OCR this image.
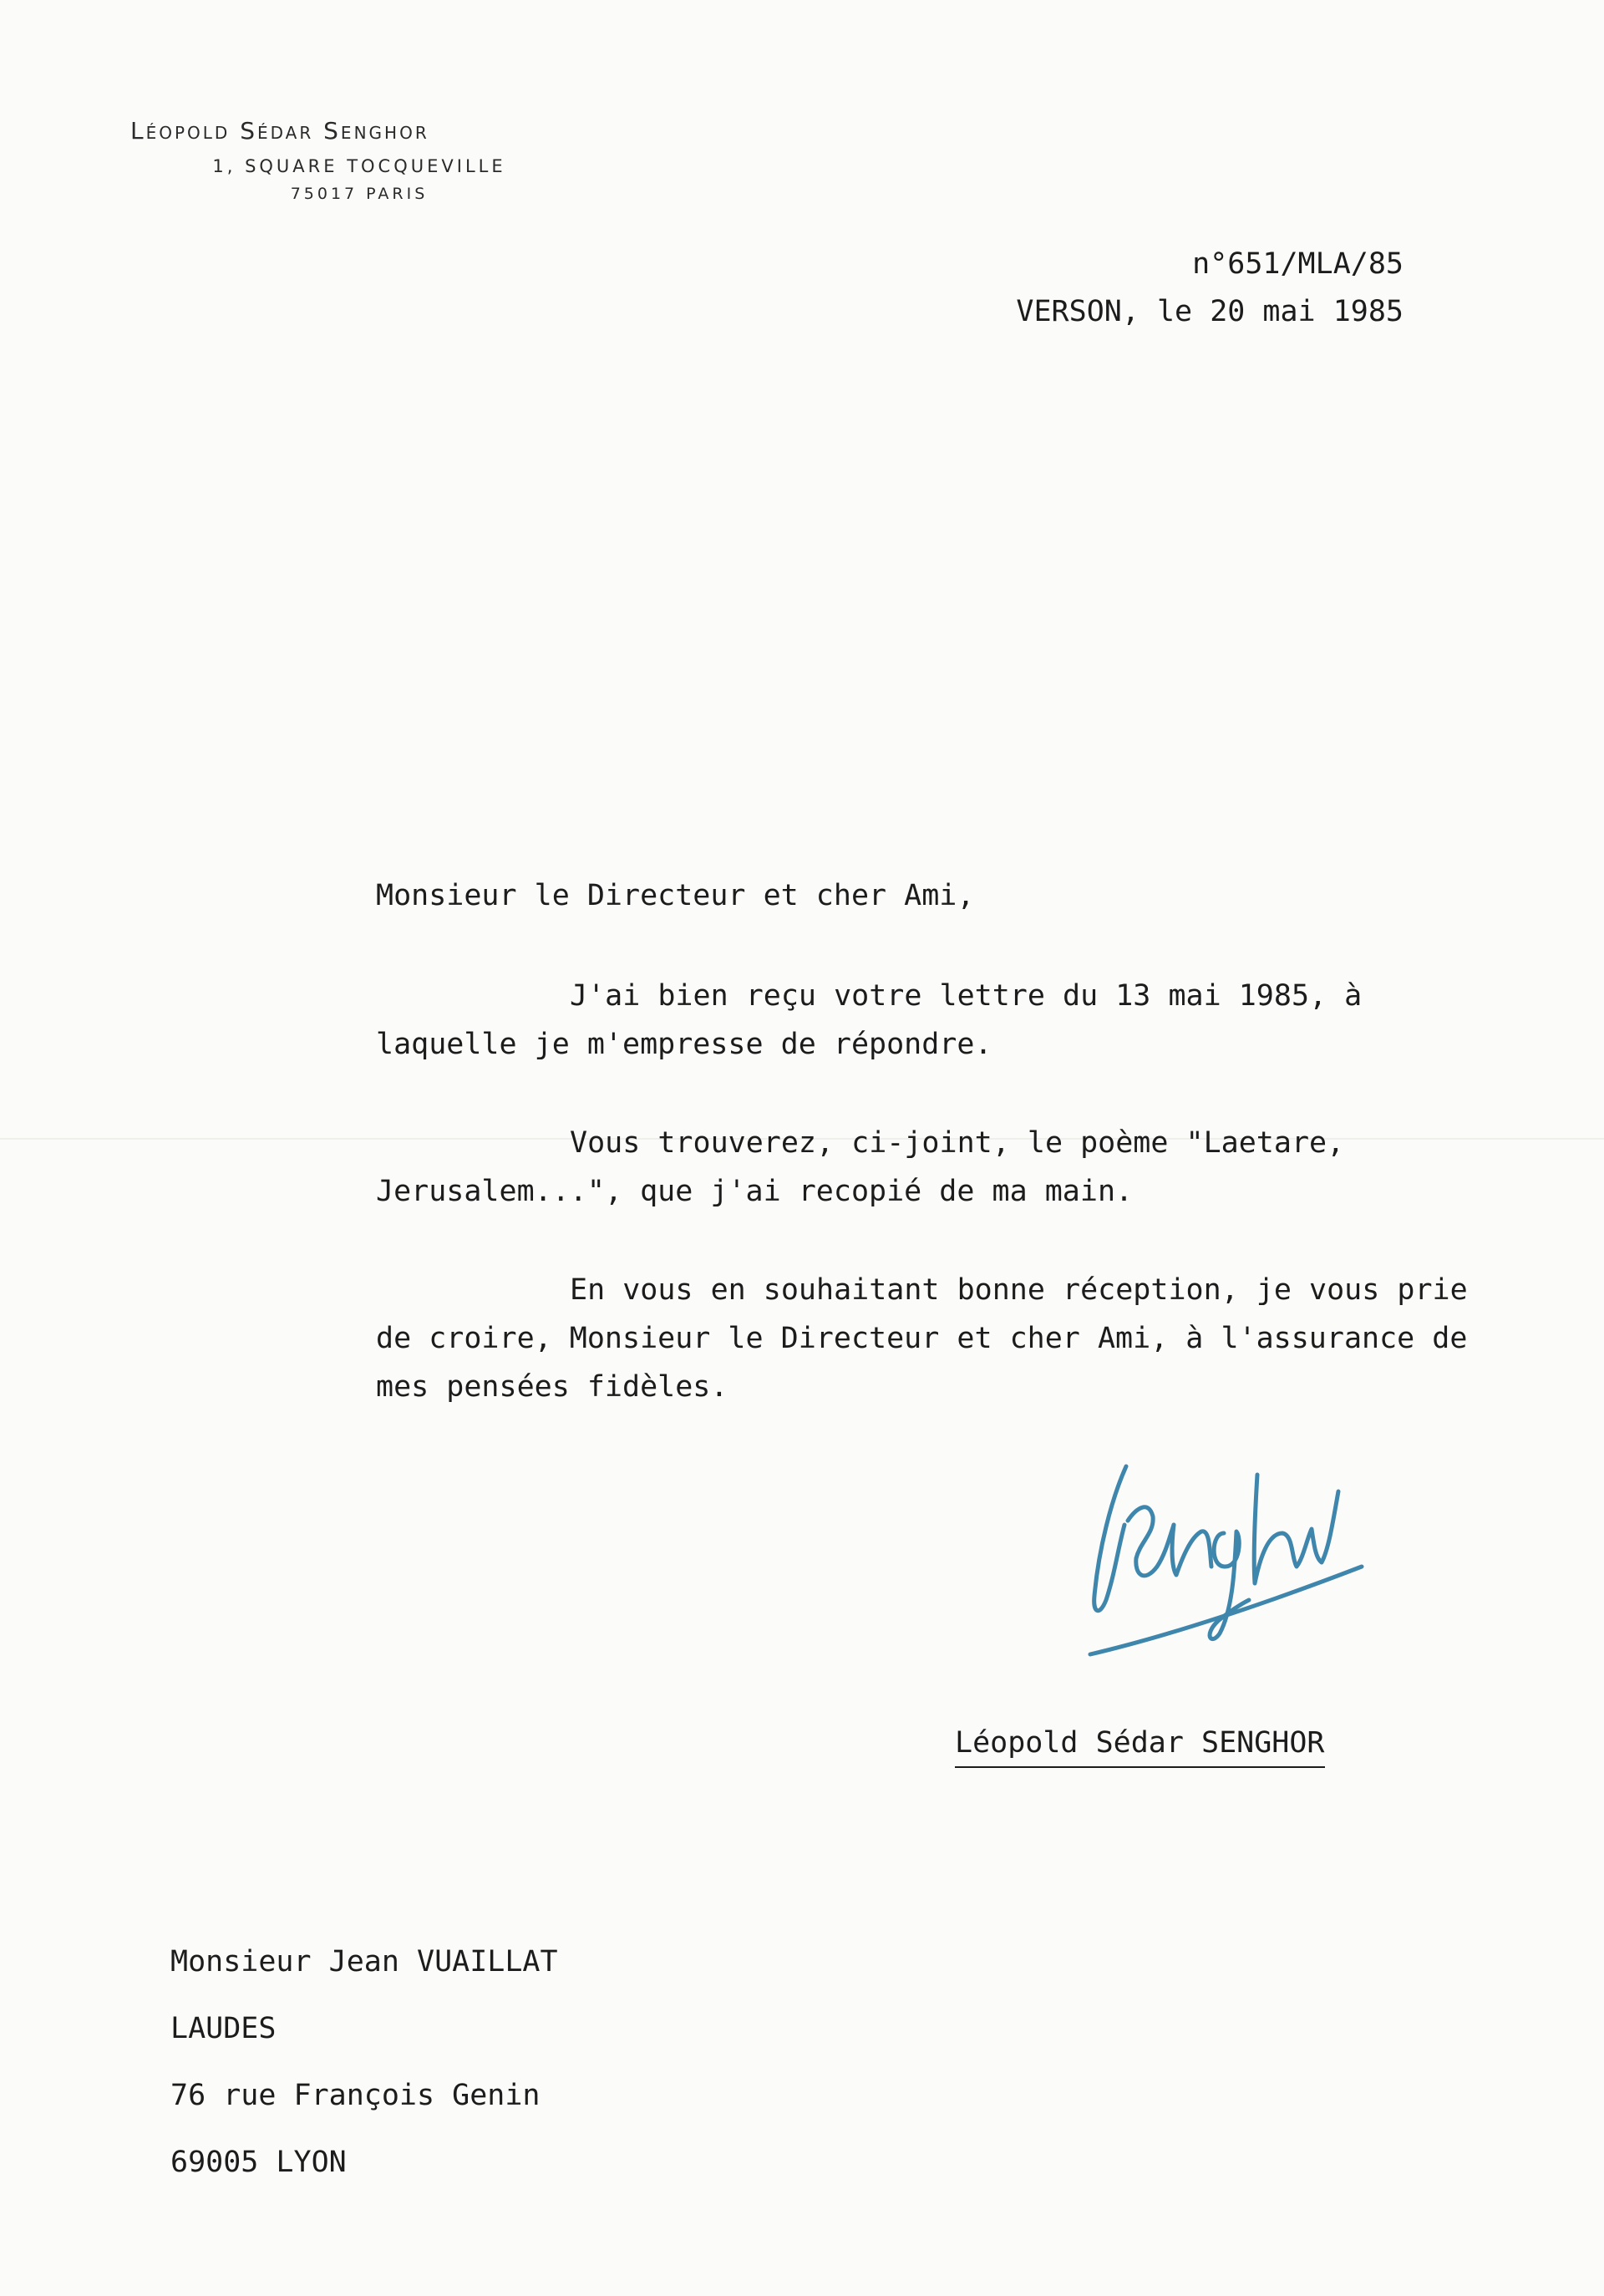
Léopold Sédar Senghor
1, SQUARE TOCQUEVILLE
75017 PARIS
n°651/MLA/85
VERSON, le 20 mai 1985

Monsieur le Directeur et cher Ami,

J'ai bien reçu votre lettre du 13 mai 1985, à laquelle je m'empresse de répondre.

Vous trouverez, ci-joint, le poème "Laetare, Jerusalem...", que j'ai recopié de ma main.

En vous en souhaitant bonne réception, je vous prie de croire, Monsieur le Directeur et cher Ami, à l'assurance de mes pensées fidèles.

Léopold Sédar SENGHOR
Monsieur Jean VUAILLAT
LAUDES
76 rue François Genin
69005 LYON
